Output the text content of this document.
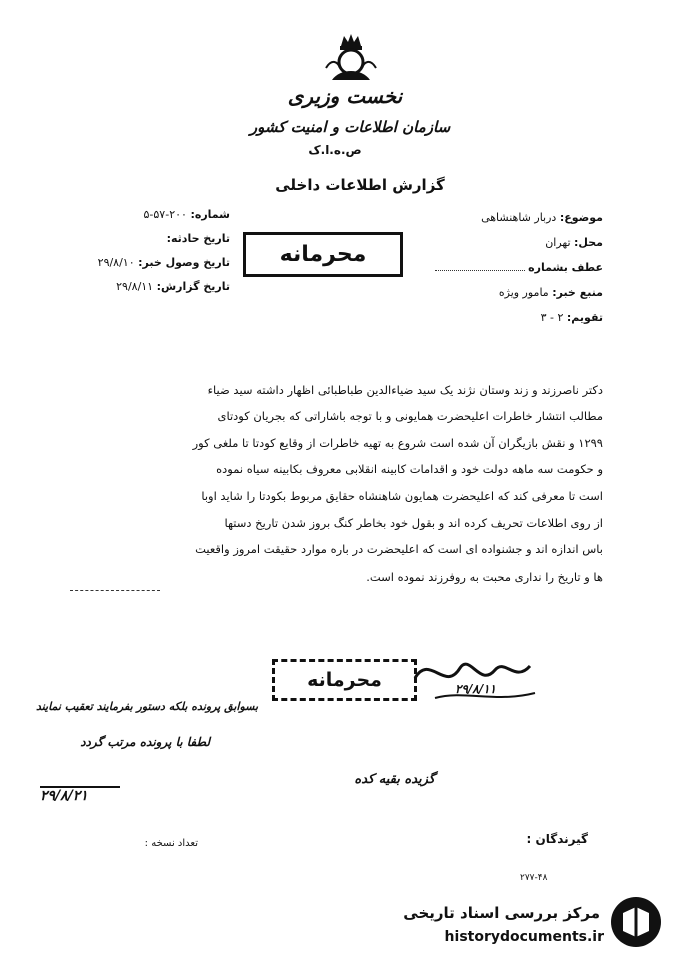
نخست وزیری
سازمان اطلاعات و امنیت کشور
ص.ه.ا.ک
گزارش اطلاعات داخلی
محرمانه
موضوع: دربار شاهنشاهی
محل: تهران
عطف بشماره
منبع خبر: مامور ویژه
تقویم: ۲ - ۳
شماره: ۲۰۰-۵۷-۵
تاریخ حادثه:
تاریخ وصول خبر: ۲۹/۸/۱۰
تاریخ گزارش: ۲۹/۸/۱۱
دکتر ناصرزند و زند وستان نژند یک سید ضیاءالدین طباطبائی اظهار داشته سید ضیاء
مطالب انتشار خاطرات اعلیحضرت همایونی و با توجه باشاراتی که بجریان کودتای
۱۲۹۹ و نقش بازیگران آن شده است شروع به تهیه خاطرات از وقایع کودتا تا ملغی کور
و حکومت سه ماهه دولت خود و اقدامات کابینه انقلابی معروف بکابینه سیاه نموده
است تا معرفی کند که اعلیحضرت همایون شاهنشاه حقایق مربوط بکودتا را شاید اوبا
از روی اطلاعات تحریف کرده اند و بقول خود بخاطر کنگ بروز شدن تاریخ دستها
باس اندازه اند و جشنواده ای است که اعلیحضرت در باره موارد حقیقت امروز واقعیت
ها و تاریخ را نداری محبت به روفرزند نموده است.
محرمانه	۲۹/۸/۱۱
بسوابق پرونده بلکه دستور بفرمایند تعقیب نمایند
لطفا با پرونده مرتب گردد
۲۹/۸/۲۱
گزیده بقیه کده
گیرندگان :
تعداد نسخه :
۲۷۷-۴۸
مرکز بررسی اسناد تاریخی
historydocuments.ir
